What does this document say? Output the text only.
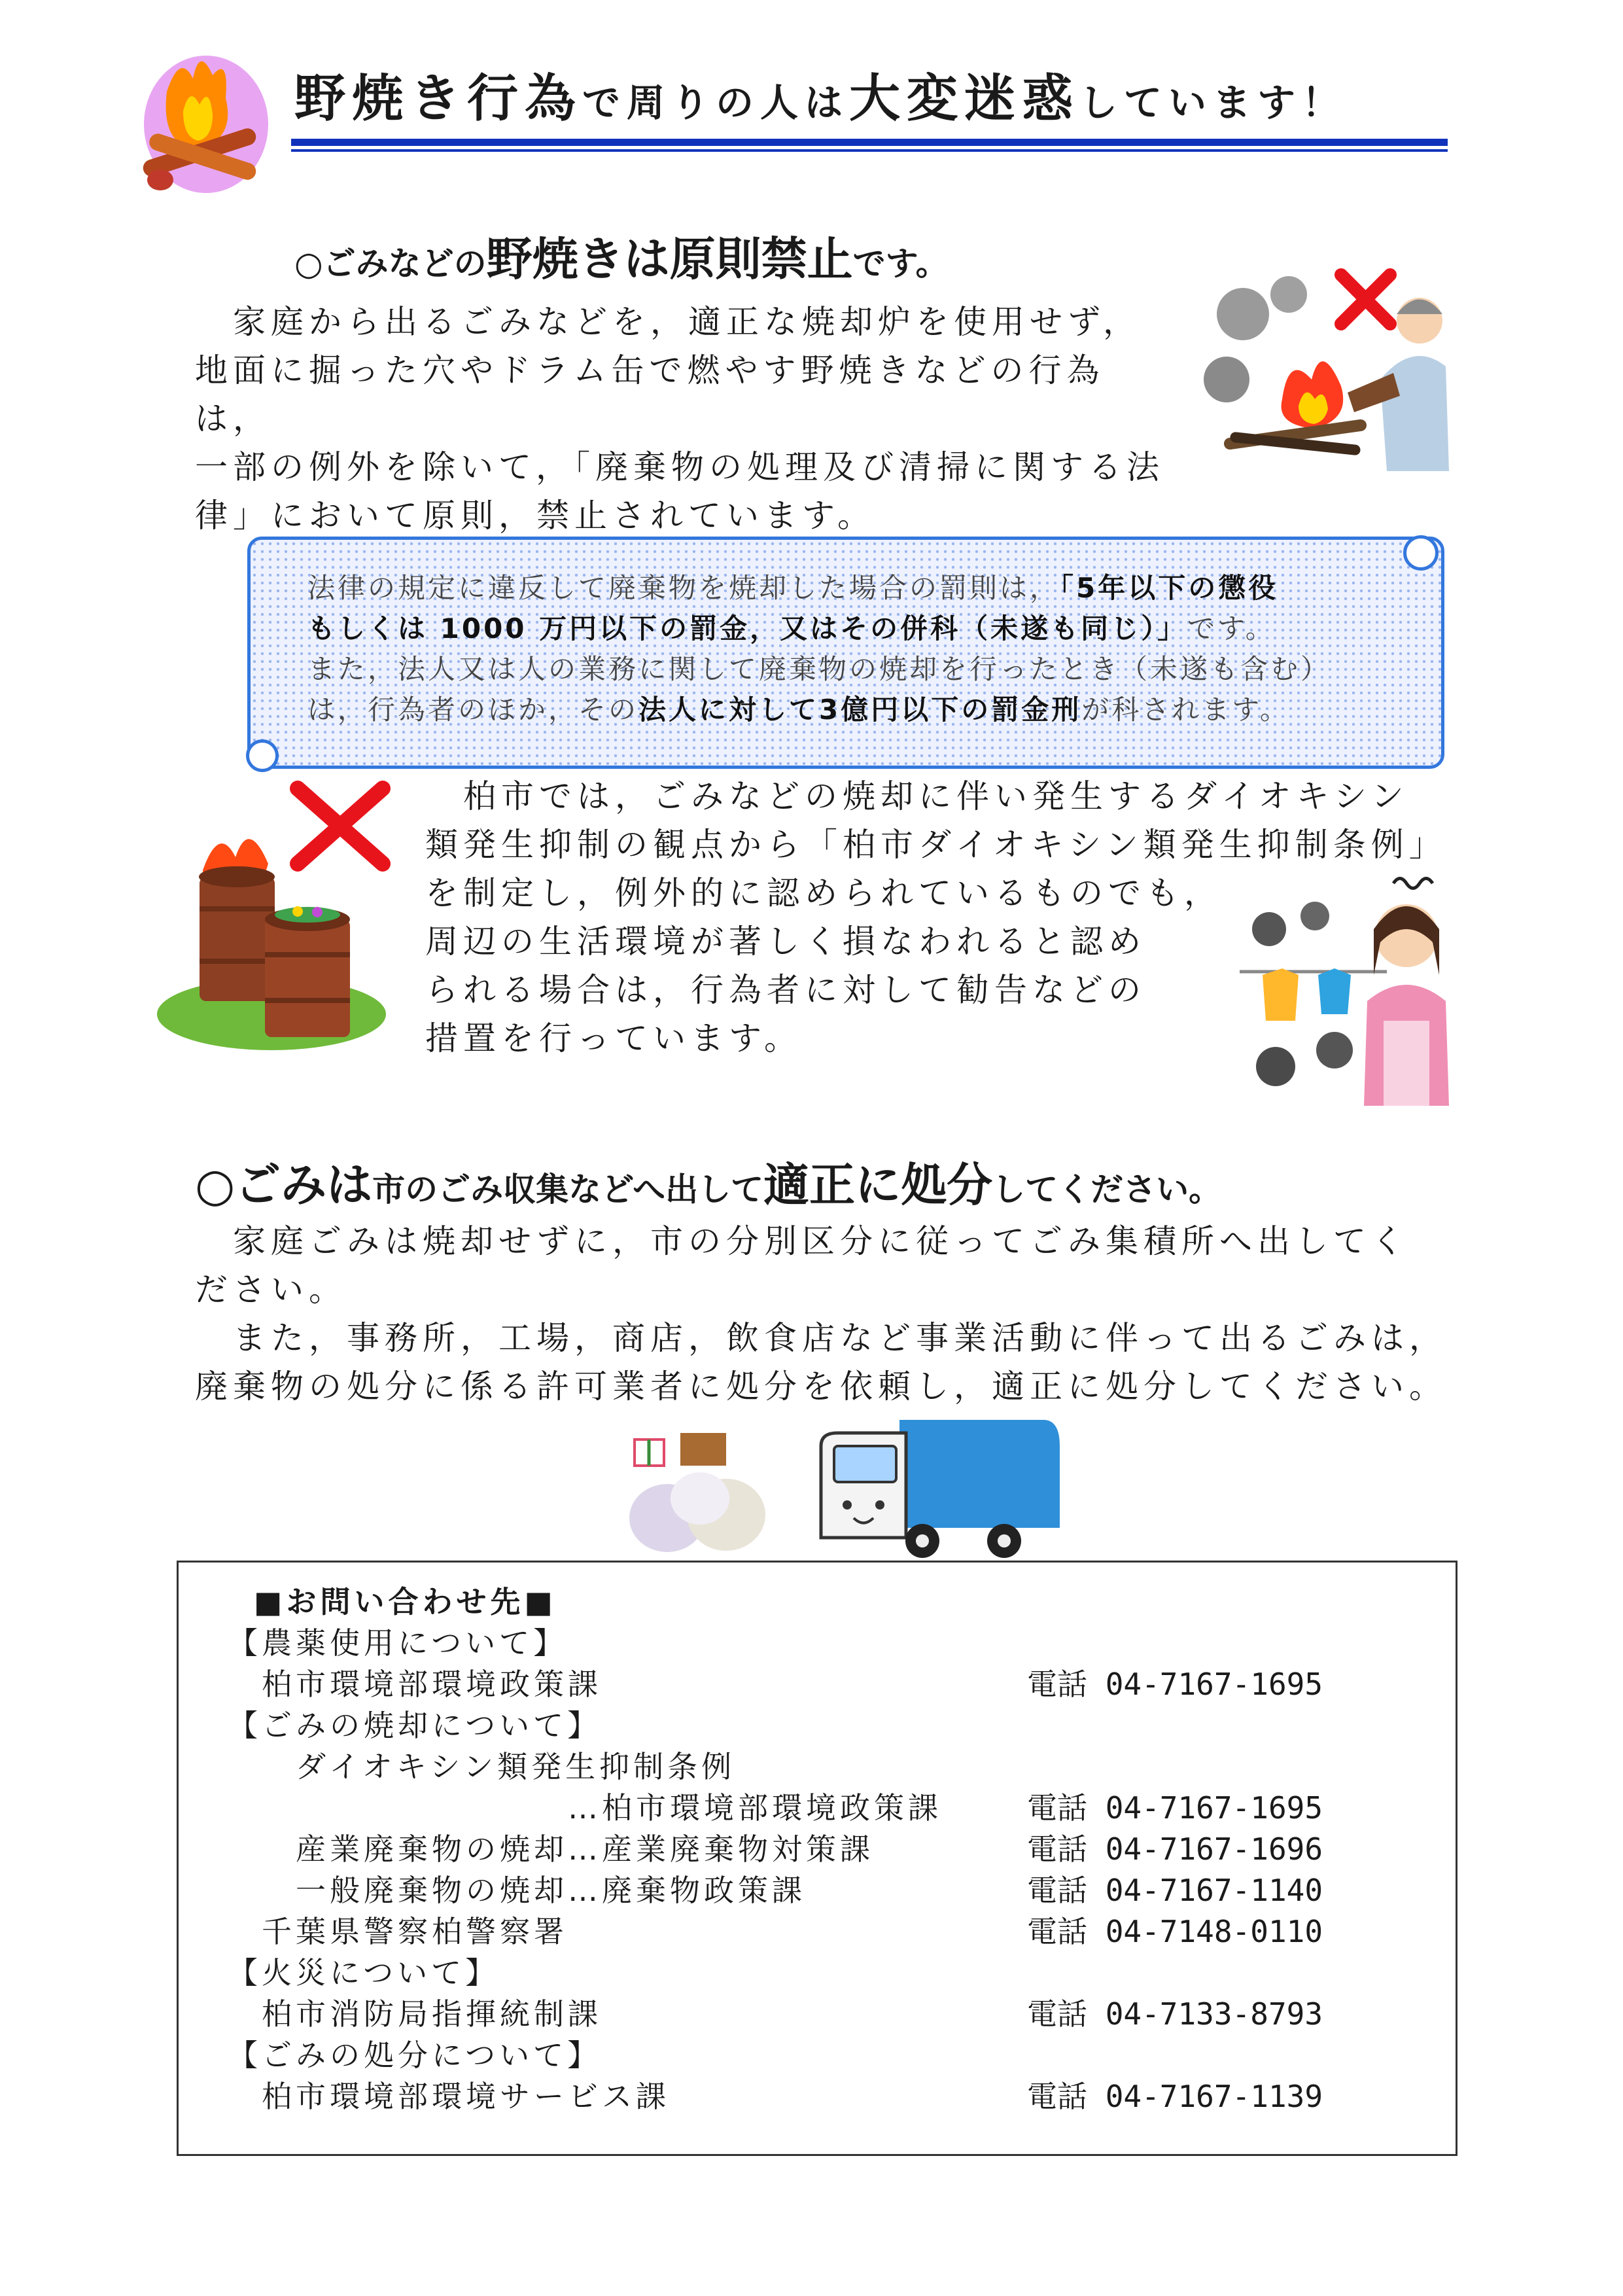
野焼き行為で周りの人は大変迷惑しています！
○ごみなどの野焼きは原則禁止です。
　家庭から出るごみなどを，適正な焼却炉を使用せず，
地面に掘った穴やドラム缶で燃やす野焼きなどの行為
は，
一部の例外を除いて，「廃棄物の処理及び清掃に関する法
律」において原則，禁止されています。
法律の規定に違反して廃棄物を焼却した場合の罰則は，「5年以下の懲役
もしくは 1000 万円以下の罰金，又はその併科（未遂も同じ）」です。
また，法人又は人の業務に関して廃棄物の焼却を行ったとき（未遂も含む）
は，行為者のほか，その法人に対して3億円以下の罰金刑が科されます。
　柏市では，ごみなどの焼却に伴い発生するダイオキシン
類発生抑制の観点から「柏市ダイオキシン類発生抑制条例」
を制定し，例外的に認められているものでも，
周辺の生活環境が著しく損なわれると認め
られる場合は，行為者に対して勧告などの
措置を行っています。
○ごみは市のごみ収集などへ出して適正に処分してください。
　家庭ごみは焼却せずに，市の分別区分に従ってごみ集積所へ出してく
ださい。
　また，事務所，工場，商店，飲食店など事業活動に伴って出るごみは，
廃棄物の処分に係る許可業者に処分を依頼し，適正に処分してください。
■お問い合わせ先■
【農薬使用について】
　柏市環境部環境政策課	電話 04-7167-1695
【ごみの焼却について】
　　ダイオキシン類発生抑制条例
　　　　　　　　　　…柏市環境部環境政策課	電話 04-7167-1695
　　産業廃棄物の焼却…産業廃棄物対策課	電話 04-7167-1696
　　一般廃棄物の焼却…廃棄物政策課	電話 04-7167-1140
　千葉県警察柏警察署	電話 04-7148-0110
【火災について】
　柏市消防局指揮統制課	電話 04-7133-8793
【ごみの処分について】
　柏市環境部環境サービス課	電話 04-7167-1139
